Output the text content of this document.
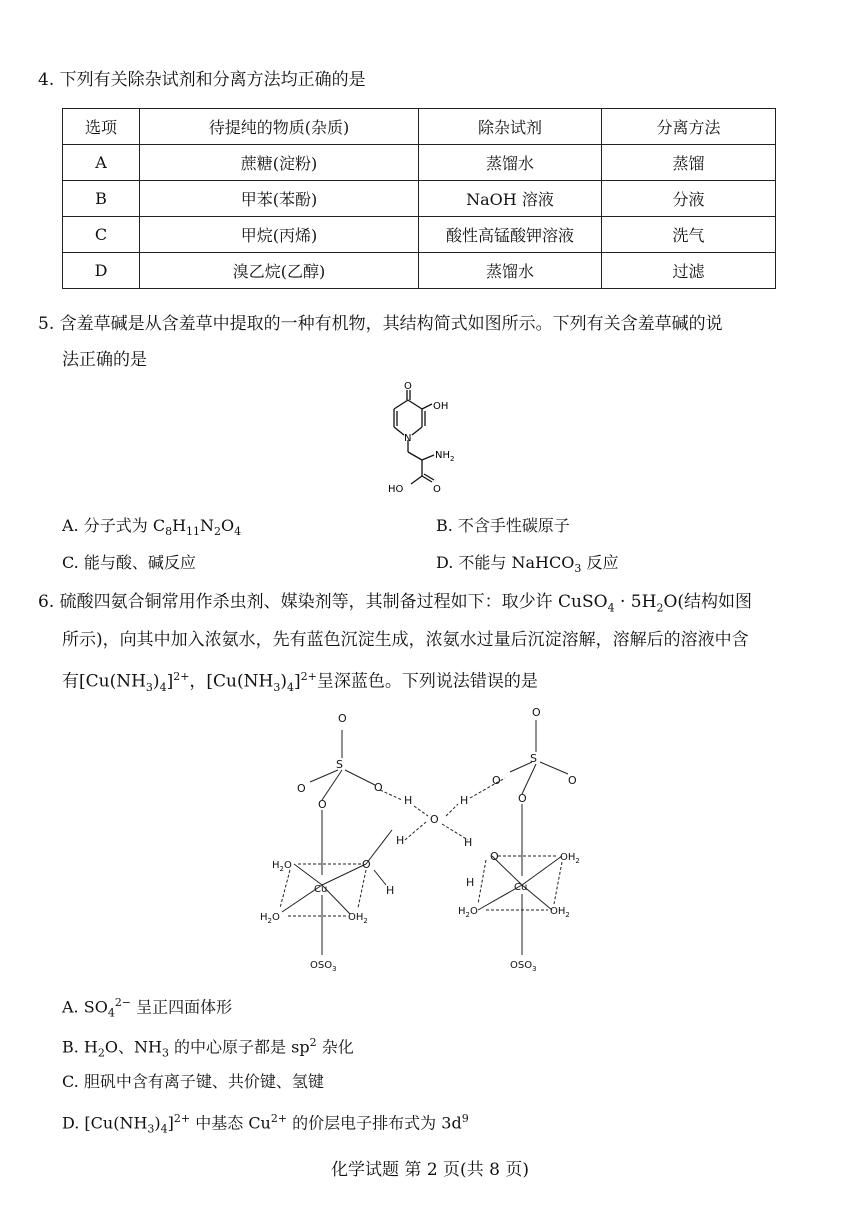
4. 下列有关除杂试剂和分离方法均正确的是
选项	待提纯的物质(杂质)	除杂试剂	分离方法
A	蔗糖(淀粉)	蒸馏水	蒸馏
B	甲苯(苯酚)	NaOH 溶液	分液
C	甲烷(丙烯)	酸性高锰酸钾溶液	洗气
D	溴乙烷(乙醇)	蒸馏水	过滤
5. 含羞草碱是从含羞草中提取的一种有机物，其结构简式如图所示。下列有关含羞草碱的说
法正确的是
O
OH
N
NH 2
HO	O
A. 分子式为 $C_8H_{11}N_2O_4$	B. 不含手性碳原子
C. 能与酸、碱反应	D. 不能与 NaHCO$_3$ 反应
6. 硫酸四氨合铜常用作杀虫剂、媒染剂等，其制备过程如下：取少许 CuSO$_4$ · $5H_2O$(结构如图
所示)，向其中加入浓氨水，先有蓝色沉淀生成，浓氨水过量后沉淀溶解，溶解后的溶液中含
有$[Cu(NH_3)_4]^{2+}$，$[Cu(NH_3)_4]^{2+}$呈深蓝色。下列说法错误的是
O
S
O	O
O	H
O
H
H	H
O
H
O
H
O
S
O	O
O
Cu	Cu
$H_2O$
$H_2O$	$OH_2$
$OH_2$
$H_2O$	$OH_2$
$OSO_3$	$OSO_3$
A. $SO_4^{2-}$ 呈正四面体形
B. $H_2O$、$NH_3$ 的中心原子都是 $sp^2$ 杂化
C. 胆矾中含有离子键、共价键、氢键
D. $[Cu(NH_3)_4]^{2+}$ 中基态 $Cu^{2+}$ 的价层电子排布式为 $3d^9$
化学试题 第 2 页(共 8 页)
